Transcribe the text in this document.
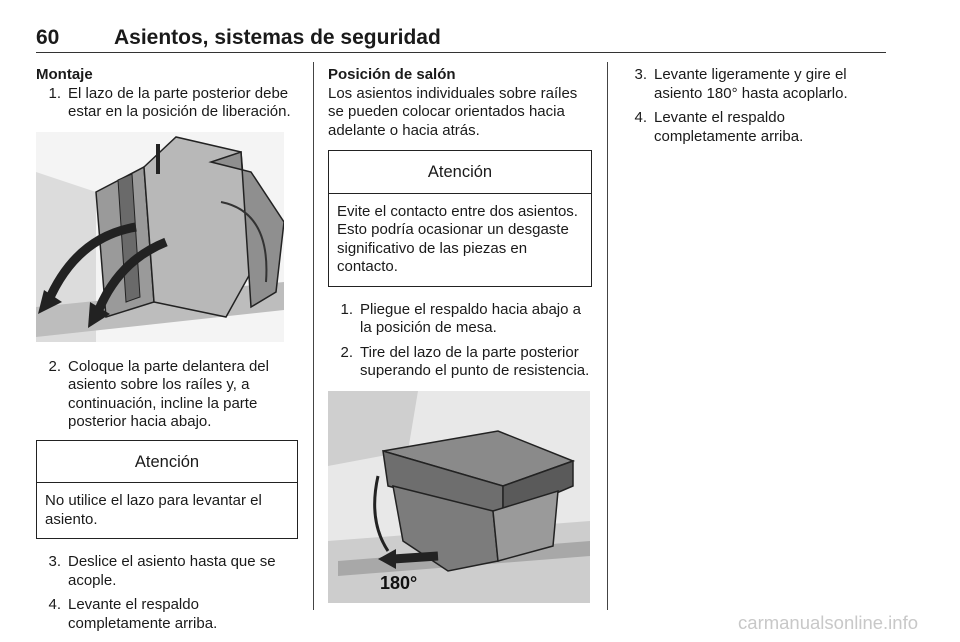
60	Asientos, sistemas de seguridad

Montaje

1. El lazo de la parte posterior debe estar en la posición de liberación.
2. Coloque la parte delantera del asiento sobre los raíles y, a continuación, incline la parte posterior hacia abajo.
Atención
No utilice el lazo para levantar el asiento.
3. Deslice el asiento hasta que se acople.
4. Levante el respaldo completamente arriba.

Posición de salón

Los asientos individuales sobre raíles se pueden colocar orientados hacia adelante o hacia atrás.

Atención
Evite el contacto entre dos asientos. Esto podría ocasionar un desgaste significativo de las piezas en contacto.
1. Pliegue el respaldo hacia abajo a la posición de mesa.
2. Tire del lazo de la parte posterior superando el punto de resistencia.
180°
3. Levante ligeramente y gire el asiento 180° hasta acoplarlo.
4. Levante el respaldo completamente arriba.
carmanualsonline.info
